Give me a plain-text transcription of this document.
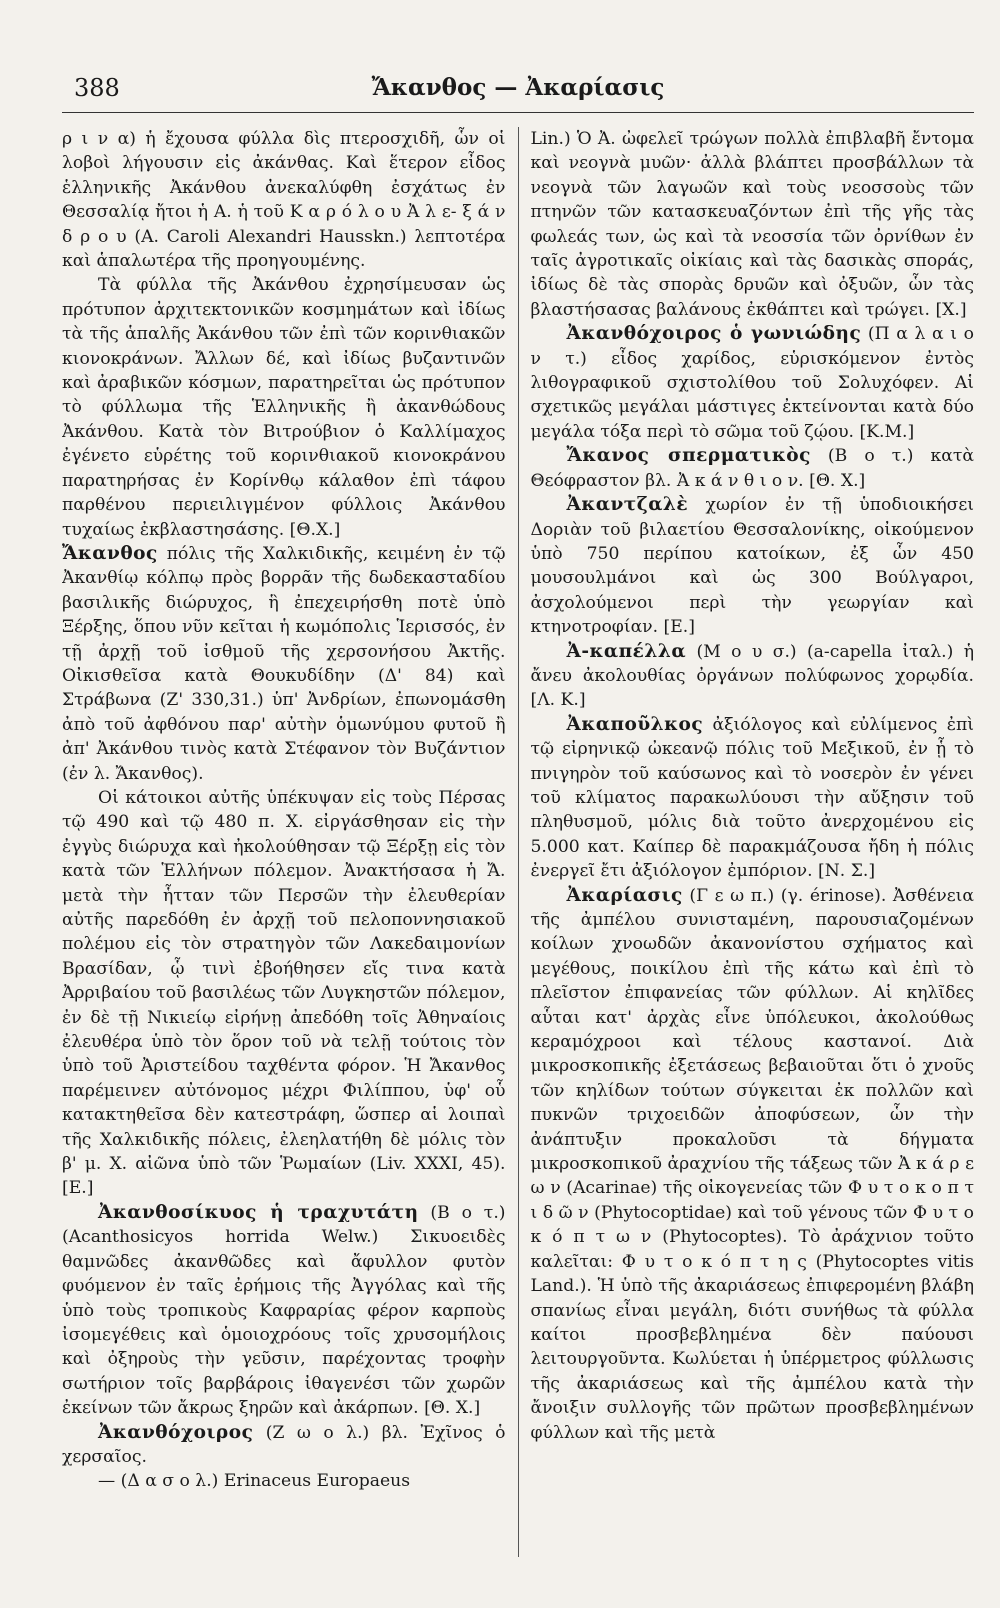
388	Ἄκανθος — Ἀκαρίασις

ρ ι ν α) ἡ ἔχουσα φύλλα δὶς πτεροσχιδῆ, ὧν οἱ λοβοὶ λήγουσιν εἰς ἀκάνθας. Καὶ ἕτερον εἶδος ἑλληνικῆς Ἀκάνθου ἀνεκαλύφθη ἐσχάτως ἐν Θεσσαλίᾳ ἤτοι ἡ Α. ἡ τοῦ Κ α ρ ό λ ο υ Ἀ λ ε- ξ ά ν δ ρ ο υ (A. Caroli Alexandri Hausskn.) λεπτοτέρα καὶ ἁπαλωτέρα τῆς προηγουμένης.

Τὰ φύλλα τῆς Ἀκάνθου ἐχρησίμευσαν ὡς πρότυπον ἀρχιτεκτονικῶν κοσμημάτων καὶ ἰδίως τὰ τῆς ἁπαλῆς Ἀκάνθου τῶν ἐπὶ τῶν κορινθιακῶν κιονοκράνων. Ἄλλων δέ, καὶ ἰδίως βυζαντινῶν καὶ ἀραβικῶν κόσμων, παρατηρεῖται ὡς πρότυπον τὸ φύλλωμα τῆς Ἑλληνικῆς ἢ ἀκανθώδους Ἀκάνθου. Κατὰ τὸν Βιτρούβιον ὁ Καλλίμαχος ἐγένετο εὑρέτης τοῦ κορινθιακοῦ κιονοκράνου παρατηρήσας ἐν Κορίνθῳ κάλαθον ἐπὶ τάφου παρθένου περιειλιγμένον φύλλοις Ἀκάνθου τυχαίως ἐκβλαστησάσης. [Θ.Χ.]

Ἄκανθος πόλις τῆς Χαλκιδικῆς, κειμένη ἐν τῷ Ἀκανθίῳ κόλπῳ πρὸς βορρᾶν τῆς δωδεκασταδίου βασιλικῆς διώρυχος, ἣ ἐπεχειρήσθη ποτὲ ὑπὸ Ξέρξης, ὅπου νῦν κεῖται ἡ κωμόπολις Ἱερισσός, ἐν τῇ ἀρχῇ τοῦ ἰσθμοῦ τῆς χερσονήσου Ἀκτῆς. Οἰκισθεῖσα κατὰ Θουκυδίδην (Δ' 84) καὶ Στράβωνα (Ζ' 330,31.) ὑπ' Ἀνδρίων, ἐπωνομάσθη ἀπὸ τοῦ ἀφθόνου παρ' αὐτὴν ὁμωνύμου φυτοῦ ἢ ἀπ' Ἀκάνθου τινὸς κατὰ Στέφανον τὸν Βυζάντιον (ἐν λ. Ἄκανθος).

Οἱ κάτοικοι αὐτῆς ὑπέκυψαν εἰς τοὺς Πέρσας τῷ 490 καὶ τῷ 480 π. Χ. εἰργάσθησαν εἰς τὴν ἐγγὺς διώρυχα καὶ ἠκολούθησαν τῷ Ξέρξῃ εἰς τὸν κατὰ τῶν Ἑλλήνων πόλεμον. Ἀνακτήσασα ἡ Ἄ. μετὰ τὴν ἧτταν τῶν Περσῶν τὴν ἐλευθερίαν αὐτῆς παρεδόθη ἐν ἀρχῇ τοῦ πελοποννησιακοῦ πολέμου εἰς τὸν στρατηγὸν τῶν Λακεδαιμονίων Βρασίδαν, ᾧ τινὶ ἐβοήθησεν εἴς τινα κατὰ Ἀρριβαίου τοῦ βασιλέως τῶν Λυγκηστῶν πόλεμον, ἐν δὲ τῇ Νικιείῳ εἰρήνῃ ἀπεδόθη τοῖς Ἀθηναίοις ἐλευθέρα ὑπὸ τὸν ὅρον τοῦ νὰ τελῇ τούτοις τὸν ὑπὸ τοῦ Ἀριστείδου ταχθέντα φόρον. Ἡ Ἄκανθος παρέμεινεν αὐτόνομος μέχρι Φιλίππου, ὑφ' οὗ κατακτηθεῖσα δὲν κατεστράφη, ὥσπερ αἱ λοιπαὶ τῆς Χαλκιδικῆς πόλεις, ἐλεηλατήθη δὲ μόλις τὸν β' μ. Χ. αἰῶνα ὑπὸ τῶν Ῥωμαίων (Liv. XXXI, 45). [Ε.]

Ἀκανθοσίκυος ἡ τραχυτάτη (Β ο τ.) (Acanthosicyos horrida Welw.) Σικυοειδὲς θαμνῶδες ἀκανθῶδες καὶ ἄφυλλον φυτὸν φυόμενον ἐν ταῖς ἐρήμοις τῆς Ἀγγόλας καὶ τῆς ὑπὸ τοὺς τροπικοὺς Καφραρίας φέρον καρποὺς ἰσομεγέθεις καὶ ὁμοιοχρόους τοῖς χρυσομήλοις καὶ ὀξηροὺς τὴν γεῦσιν, παρέχοντας τροφὴν σωτήριον τοῖς βαρβάροις ἰθαγενέσι τῶν χωρῶν ἐκείνων τῶν ἄκρως ξηρῶν καὶ ἀκάρπων. [Θ. Χ.]

Ἀκανθόχοιρος (Ζ ω ο λ.) βλ. Ἐχῖνος ὁ χερσαῖος.

— (Δ α σ ο λ.) Erinaceus Europaeus

Lin.) Ὁ Ἀ. ὠφελεῖ τρώγων πολλὰ ἐπιβλαβῆ ἔντομα καὶ νεογνὰ μυῶν· ἀλλὰ βλάπτει προσβάλλων τὰ νεογνὰ τῶν λαγωῶν καὶ τοὺς νεοσσοὺς τῶν πτηνῶν τῶν κατασκευαζόντων ἐπὶ τῆς γῆς τὰς φωλεάς των, ὡς καὶ τὰ νεοσσία τῶν ὀρνίθων ἐν ταῖς ἀγροτικαῖς οἰκίαις καὶ τὰς δασικὰς σποράς, ἰδίως δὲ τὰς σπορὰς δρυῶν καὶ ὀξυῶν, ὧν τὰς βλαστήσασας βαλάνους ἐκθάπτει καὶ τρώγει. [Χ.]

Ἀκανθόχοιρος ὁ γωνιώδης (Π α λ α ι ο ν τ.) εἶδος χαρίδος, εὑρισκόμενον ἐντὸς λιθογραφικοῦ σχιστολίθου τοῦ Σολυχόφεν. Αἱ σχετικῶς μεγάλαι μάστιγες ἐκτείνονται κατὰ δύο μεγάλα τόξα περὶ τὸ σῶμα τοῦ ζῴου. [Κ.Μ.]

Ἄκανος σπερματικὸς (Β ο τ.) κατὰ Θεόφραστον βλ. Ἀ κ ά ν θ ι ο ν. [Θ. Χ.]

Ἀκαντζαλὲ χωρίον ἐν τῇ ὑποδιοικήσει Δοριὰν τοῦ βιλαετίου Θεσσαλονίκης, οἰκούμενον ὑπὸ 750 περίπου κατοίκων, ἐξ ὧν 450 μουσουλμάνοι καὶ ὡς 300 Βούλγαροι, ἀσχολούμενοι περὶ τὴν γεωργίαν καὶ κτηνοτροφίαν. [Ε.]

Ἀ-καπέλλα (Μ ο υ σ.) (a-capella ἰταλ.) ἡ ἄνευ ἀκολουθίας ὀργάνων πολύφωνος χορῳδία. [Λ. Κ.]

Ἀκαποῦλκος ἀξιόλογος καὶ εὐλίμενος ἐπὶ τῷ εἰρηνικῷ ὠκεανῷ πόλις τοῦ Μεξικοῦ, ἐν ᾗ τὸ πνιγηρὸν τοῦ καύσωνος καὶ τὸ νοσερὸν ἐν γένει τοῦ κλίματος παρακωλύουσι τὴν αὔξησιν τοῦ πληθυσμοῦ, μόλις διὰ τοῦτο ἀνερχομένου εἰς 5.000 κατ. Καίπερ δὲ παρακμάζουσα ἤδη ἡ πόλις ἐνεργεῖ ἔτι ἀξιόλογον ἐμπόριον. [Ν. Σ.]

Ἀκαρίασις (Γ ε ω π.) (γ. érinose). Ἀσθένεια τῆς ἀμπέλου συνισταμένη, παρουσιαζομένων κοίλων χνοωδῶν ἀκανονίστου σχήματος καὶ μεγέθους, ποικίλου ἐπὶ τῆς κάτω καὶ ἐπὶ τὸ πλεῖστον ἐπιφανείας τῶν φύλλων. Αἱ κηλῖδες αὗται κατ' ἀρχὰς εἶνε ὑπόλευκοι, ἀκολούθως κεραμόχροοι καὶ τέλους καστανοί. Διὰ μικροσκοπικῆς ἐξετάσεως βεβαιοῦται ὅτι ὁ χνοῦς τῶν κηλίδων τούτων σύγκειται ἐκ πολλῶν καὶ πυκνῶν τριχοειδῶν ἀποφύσεων, ὧν τὴν ἀνάπτυξιν προκαλοῦσι τὰ δήγματα μικροσκοπικοῦ ἀραχνίου τῆς τάξεως τῶν Ἀ κ ά ρ ε ω ν (Acarinae) τῆς οἰκογενείας τῶν Φ υ τ ο κ ο π τ ι δ ῶ ν (Phytocoptidae) καὶ τοῦ γένους τῶν Φ υ τ ο κ ό π τ ω ν (Phytocoptes). Τὸ ἀράχνιον τοῦτο καλεῖται: Φ υ τ ο κ ό π τ η ς (Phytocoptes vitis Land.). Ἡ ὑπὸ τῆς ἀκαριάσεως ἐπιφερομένη βλάβη σπανίως εἶναι μεγάλη, διότι συνήθως τὰ φύλλα καίτοι προσβεβλημένα δὲν παύουσι λειτουργοῦντα. Κωλύεται ἡ ὑπέρμετρος φύλλωσις τῆς ἀκαριάσεως καὶ τῆς ἀμπέλου κατὰ τὴν ἄνοιξιν συλλογῆς τῶν πρῶτων προσβεβλημένων φύλλων καὶ τῆς μετὰ
